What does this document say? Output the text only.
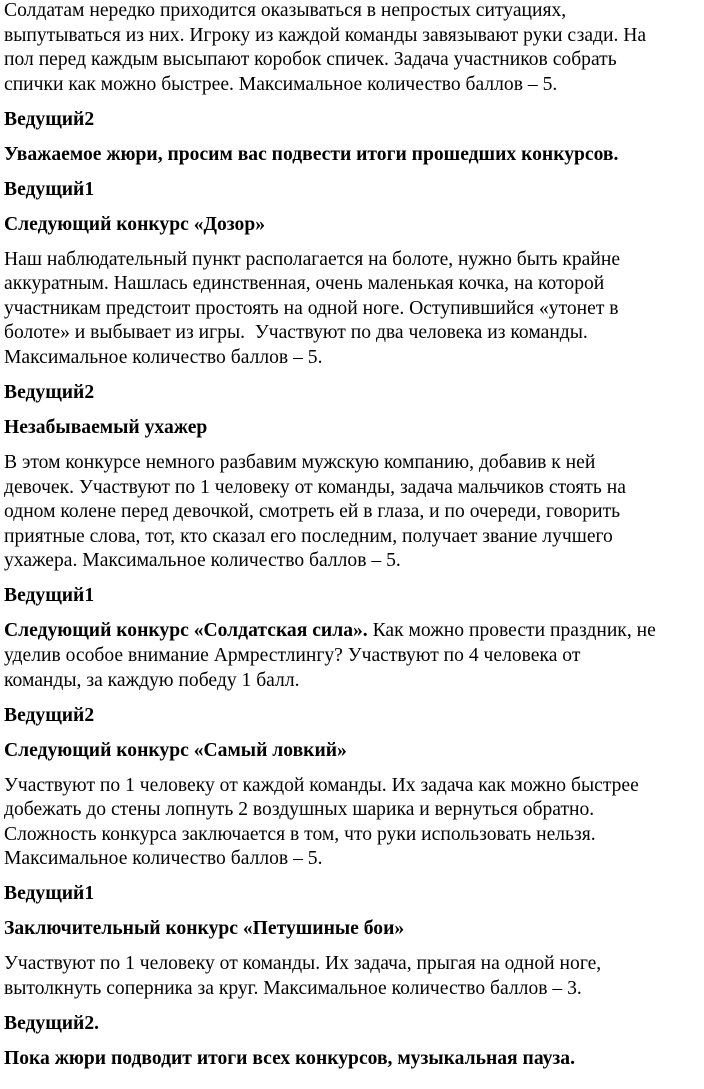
Солдатам нередко приходится оказываться в непростых ситуациях,
выпутываться из них. Игроку из каждой команды завязывают руки сзади. На
пол перед каждым высыпают коробок спичек. Задача участников собрать
спички как можно быстрее. Максимальное количество баллов – 5.

Ведущий2

Уважаемое жюри, просим вас подвести итоги прошедших конкурсов.

Ведущий1

Следующий конкурс «Дозор»

Наш наблюдательный пункт располагается на болоте, нужно быть крайне
аккуратным. Нашлась единственная, очень маленькая кочка, на которой
участникам предстоит простоять на одной ноге. Оступившийся «утонет в
болоте» и выбывает из игры.  Участвуют по два человека из команды.
Максимальное количество баллов – 5.

Ведущий2

Незабываемый ухажер

В этом конкурсе немного разбавим мужскую компанию, добавив к ней
девочек. Участвуют по 1 человеку от команды, задача мальчиков стоять на
одном колене перед девочкой, смотреть ей в глаза, и по очереди, говорить
приятные слова, тот, кто сказал его последним, получает звание лучшего
ухажера. Максимальное количество баллов – 5.

Ведущий1

Следующий конкурс «Солдатская сила». Как можно провести праздник, не
уделив особое внимание Армрестлингу? Участвуют по 4 человека от
команды, за каждую победу 1 балл.

Ведущий2

Следующий конкурс «Самый ловкий»

Участвуют по 1 человеку от каждой команды. Их задача как можно быстрее
добежать до стены лопнуть 2 воздушных шарика и вернуться обратно.
Сложность конкурса заключается в том, что руки использовать нельзя.
Максимальное количество баллов – 5.

Ведущий1

Заключительный конкурс «Петушиные бои»

Участвуют по 1 человеку от команды. Их задача, прыгая на одной ноге,
вытолкнуть соперника за круг. Максимальное количество баллов – 3.

Ведущий2.

Пока жюри подводит итоги всех конкурсов, музыкальная пауза.
